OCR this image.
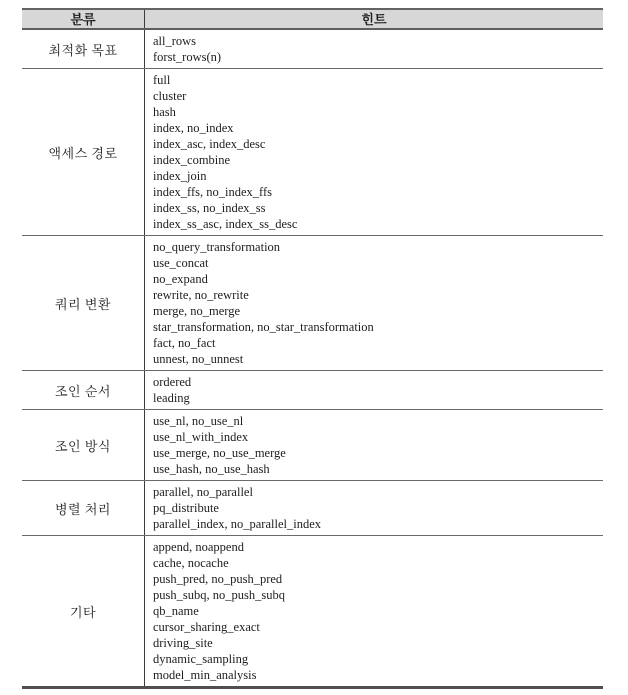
분류	힌트
최적화 목표
all_rows
forst_rows(n)
액세스 경로
full
cluster
hash
index, no_index
index_asc, index_desc
index_combine
index_join
index_ffs, no_index_ffs
index_ss, no_index_ss
index_ss_asc, index_ss_desc
쿼리 변환
no_query_transformation
use_concat
no_expand
rewrite, no_rewrite
merge, no_merge
star_transformation, no_star_transformation
fact, no_fact
unnest, no_unnest
조인 순서
ordered
leading
조인 방식
use_nl, no_use_nl
use_nl_with_index
use_merge, no_use_merge
use_hash, no_use_hash
병렬 처리
parallel, no_parallel
pq_distribute
parallel_index, no_parallel_index
기타
append, noappend
cache, nocache
push_pred, no_push_pred
push_subq, no_push_subq
qb_name
cursor_sharing_exact
driving_site
dynamic_sampling
model_min_analysis
